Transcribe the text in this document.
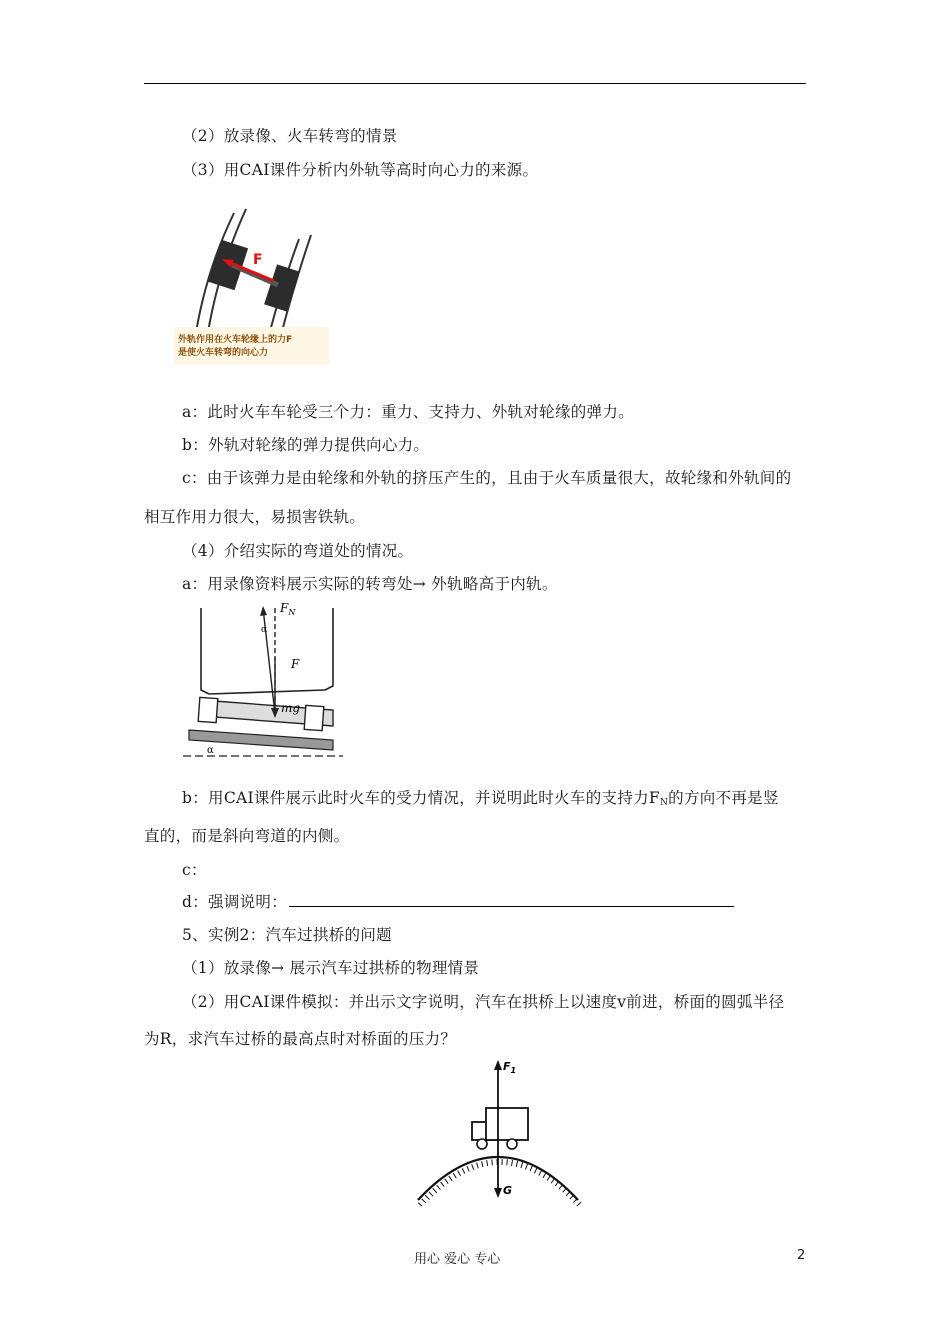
（2）放录像、火车转弯的情景
（3）用CAI课件分析内外轨等高时向心力的来源。
F
外轨作用在火车轮缘上的力F
是使火车转弯的向心力
a：此时火车车轮受三个力：重力、支持力、外轨对轮缘的弹力。
b：外轨对轮缘的弹力提供向心力。
c：由于该弹力是由轮缘和外轨的挤压产生的，且由于火车质量很大，故轮缘和外轨间的
相互作用力很大，易损害铁轨。
（4）介绍实际的弯道处的情况。
a：用录像资料展示实际的转弯处→ 外轨略高于内轨。
$F_N$
F
mg
α
α
b：用CAI课件展示此时火车的受力情况，并说明此时火车的支持力$F_N$的方向不再是竖
直的，而是斜向弯道的内侧。
c：
d：强调说明：
5、实例2：汽车过拱桥的问题
（1）放录像→ 展示汽车过拱桥的物理情景
（2）用CAI课件模拟：并出示文字说明，汽车在拱桥上以速度v前进，桥面的圆弧半径
为R，求汽车过桥的最高点时对桥面的压力？
$F_1$
G
用心 爱心 专心	2
